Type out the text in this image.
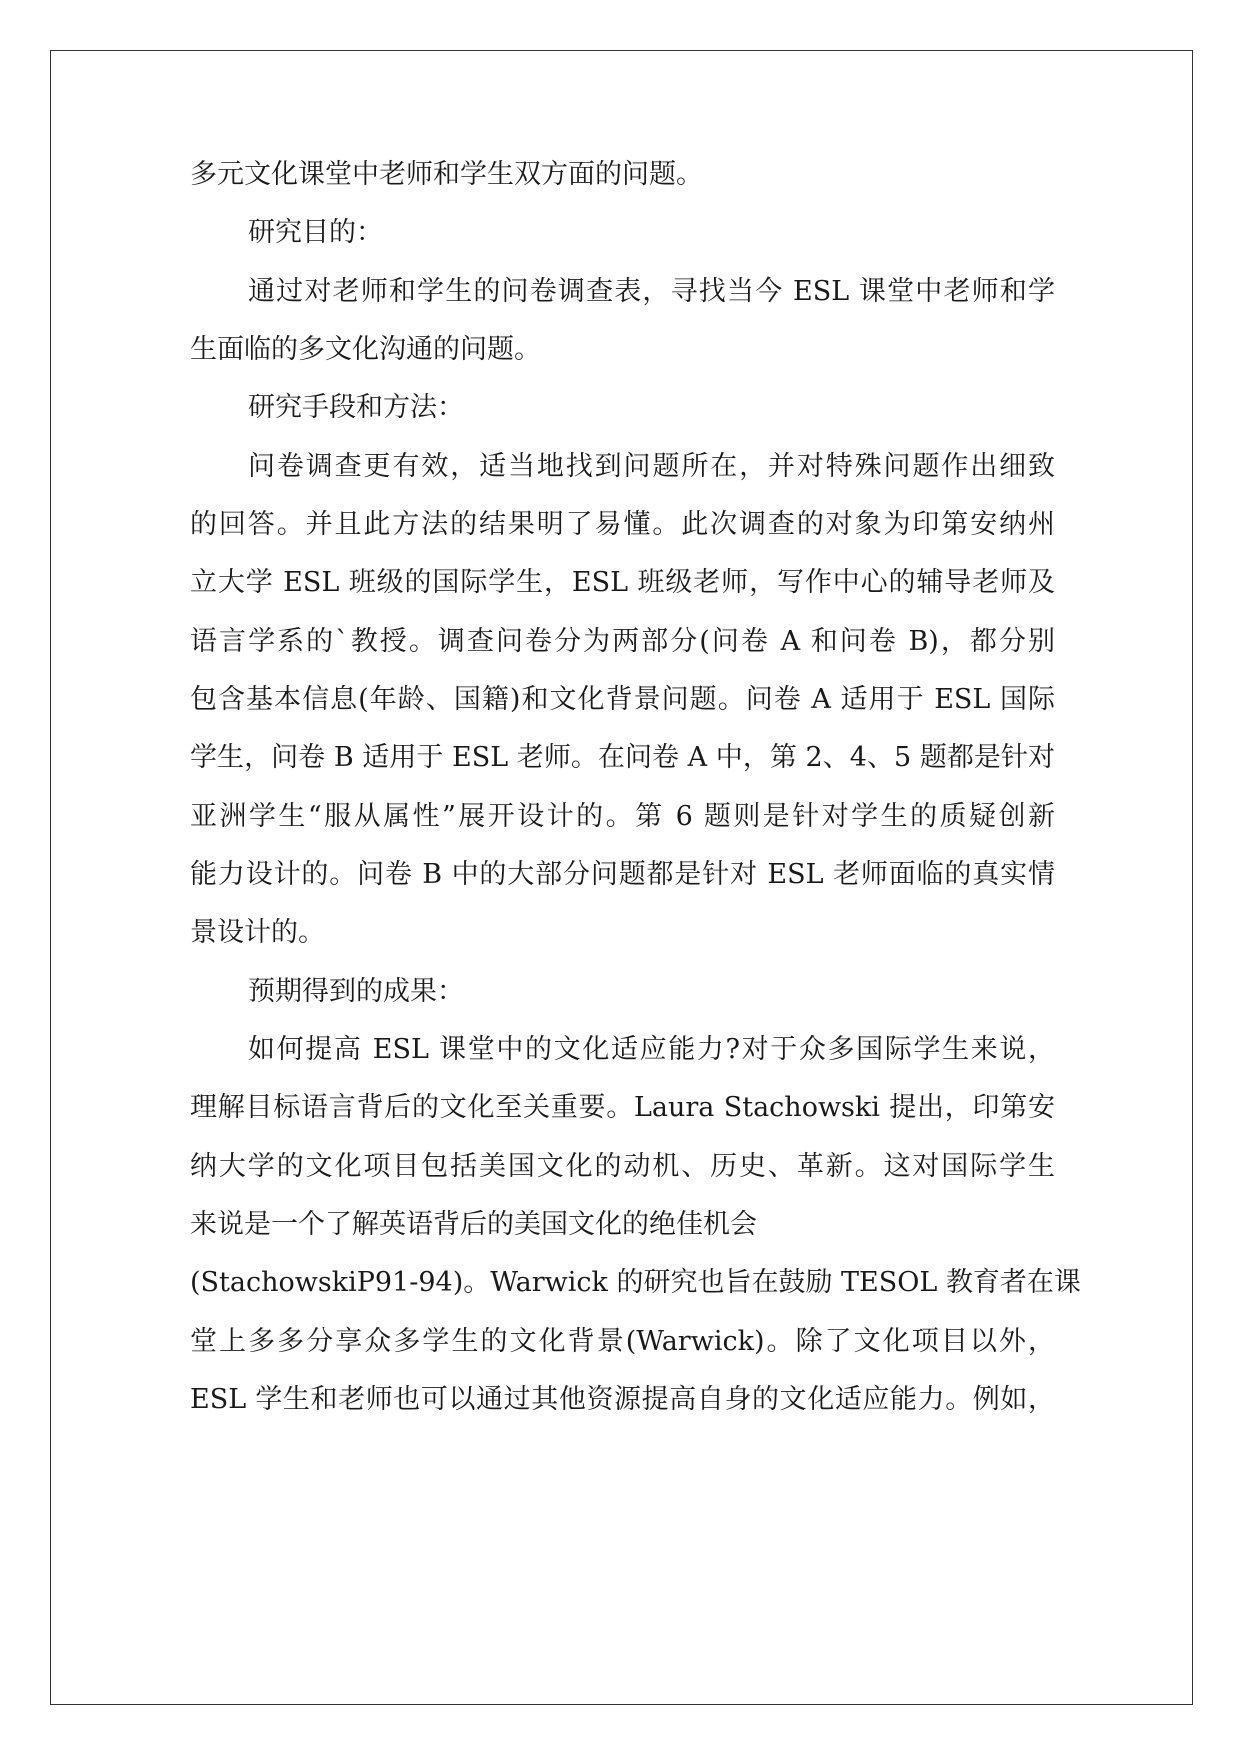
多元文化课堂中老师和学生双方面的问题。
研究目的：
通过对老师和学生的问卷调查表，寻找当今 ESL 课堂中老师和学
生面临的多文化沟通的问题。
研究手段和方法：
问卷调查更有效，适当地找到问题所在，并对特殊问题作出细致
的回答。并且此方法的结果明了易懂。此次调查的对象为印第安纳州
立大学 ESL 班级的国际学生，ESL 班级老师，写作中心的辅导老师及
语言学系的`教授。调查问卷分为两部分(问卷 A 和问卷 B)，都分别
包含基本信息(年龄、国籍)和文化背景问题。问卷 A 适用于 ESL 国际
学生，问卷 B 适用于 ESL 老师。在问卷 A 中，第 2、4、5 题都是针对
亚洲学生“服从属性”展开设计的。第 6 题则是针对学生的质疑创新
能力设计的。问卷 B 中的大部分问题都是针对 ESL 老师面临的真实情
景设计的。
预期得到的成果：
如何提高 ESL 课堂中的文化适应能力?对于众多国际学生来说，
理解目标语言背后的文化至关重要。Laura Stachowski 提出，印第安
纳大学的文化项目包括美国文化的动机、历史、革新。这对国际学生
来说是一个了解英语背后的美国文化的绝佳机会
(StachowskiP91-94)。Warwick 的研究也旨在鼓励 TESOL 教育者在课
堂上多多分享众多学生的文化背景(Warwick)。除了文化项目以外，
ESL 学生和老师也可以通过其他资源提高自身的文化适应能力。例如，
